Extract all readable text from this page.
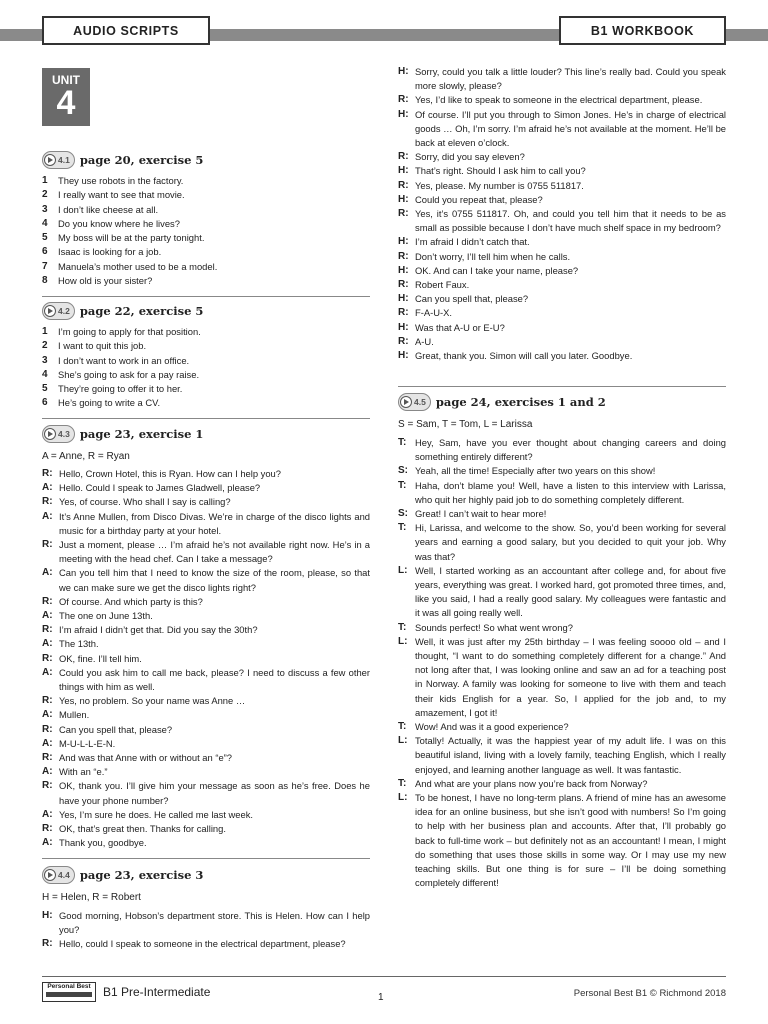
AUDIO SCRIPTS	B1 WORKBOOK
UNIT
4
4.1 page 20, exercise 5
1	They use robots in the factory.
2	I really want to see that movie.
3	I don’t like cheese at all.
4	Do you know where he lives?
5	My boss will be at the party tonight.
6	Isaac is looking for a job.
7	Manuela’s mother used to be a model.
8	How old is your sister?
4.2 page 22, exercise 5
1	I’m going to apply for that position.
2	I want to quit this job.
3	I don’t want to work in an office.
4	She’s going to ask for a pay raise.
5	They’re going to offer it to her.
6	He’s going to write a CV.
4.3 page 23, exercise 1
A = Anne, R = Ryan
R: Hello, Crown Hotel, this is Ryan. How can I help you?
A: Hello. Could I speak to James Gladwell, please?
R: Yes, of course. Who shall I say is calling?
A: It’s Anne Mullen, from Disco Divas. We’re in charge of the disco lights and music for a birthday party at your hotel.
R: Just a moment, please … I’m afraid he’s not available right now. He’s in a meeting with the head chef. Can I take a message?
A: Can you tell him that I need to know the size of the room, please, so that we can make sure we get the disco lights right?
R: Of course. And which party is this?
A: The one on June 13th.
R: I’m afraid I didn’t get that. Did you say the 30th?
A: The 13th.
R: OK, fine. I’ll tell him.
A: Could you ask him to call me back, please? I need to discuss a few other things with him as well.
R: Yes, no problem. So your name was Anne …
A: Mullen.
R: Can you spell that, please?
A: M-U-L-L-E-N.
R: And was that Anne with or without an “e”?
A: With an “e.”
R: OK, thank you. I’ll give him your message as soon as he’s free. Does he have your phone number?
A: Yes, I’m sure he does. He called me last week.
R: OK, that’s great then. Thanks for calling.
A: Thank you, goodbye.
4.4 page 23, exercise 3
H = Helen, R = Robert
H: Good morning, Hobson’s department store. This is Helen. How can I help you?
R: Hello, could I speak to someone in the electrical department, please?
H: Sorry, could you talk a little louder? This line’s really bad. Could you speak more slowly, please?
R: Yes, I’d like to speak to someone in the electrical department, please.
H: Of course. I’ll put you through to Simon Jones. He’s in charge of electrical goods … Oh, I’m sorry. I’m afraid he’s not available at the moment. He’ll be back at eleven o’clock.
R: Sorry, did you say eleven?
H: That’s right. Should I ask him to call you?
R: Yes, please. My number is 0755 511817.
H: Could you repeat that, please?
R: Yes, it’s 0755 511817. Oh, and could you tell him that it needs to be as small as possible because I don’t have much shelf space in my bedroom?
H: I’m afraid I didn’t catch that.
R: Don’t worry, I’ll tell him when he calls.
H: OK. And can I take your name, please?
R: Robert Faux.
H: Can you spell that, please?
R: F-A-U-X.
H: Was that A-U or E-U?
R: A-U.
H: Great, thank you. Simon will call you later. Goodbye.
4.5 page 24, exercises 1 and 2
S = Sam, T = Tom, L = Larissa
T: Hey, Sam, have you ever thought about changing careers and doing something entirely different?
S: Yeah, all the time! Especially after two years on this show!
T: Haha, don’t blame you! Well, have a listen to this interview with Larissa, who quit her highly paid job to do something completely different.
S: Great! I can’t wait to hear more!
T: Hi, Larissa, and welcome to the show. So, you’d been working for several years and earning a good salary, but you decided to quit your job. Why was that?
L: Well, I started working as an accountant after college and, for about five years, everything was great. I worked hard, got promoted three times, and, like you said, I had a really good salary. My colleagues were fantastic and it was all going really well.
T: Sounds perfect! So what went wrong?
L: Well, it was just after my 25th birthday – I was feeling soooo old – and I thought, “I want to do something completely different for a change.” And not long after that, I was looking online and saw an ad for a teaching post in Norway. A family was looking for someone to live with them and teach their kids English for a year. So, I applied for the job and, to my amazement, I got it!
T: Wow! And was it a good experience?
L: Totally! Actually, it was the happiest year of my adult life. I was on this beautiful island, living with a lovely family, teaching English, which I really enjoyed, and learning another language as well. It was fantastic.
T: And what are your plans now you’re back from Norway?
L: To be honest, I have no long-term plans. A friend of mine has an awesome idea for an online business, but she isn’t good with numbers! So I’m going to help with her business plan and accounts. After that, I’ll probably go back to full-time work – but definitely not as an accountant! I mean, I might do something that uses those skills in some way. Or I may use my new teaching skills. But one thing is for sure – I’ll be doing something completely different!
Personal Best	B1 Pre-Intermediate	1	Personal Best B1 © Richmond 2018
